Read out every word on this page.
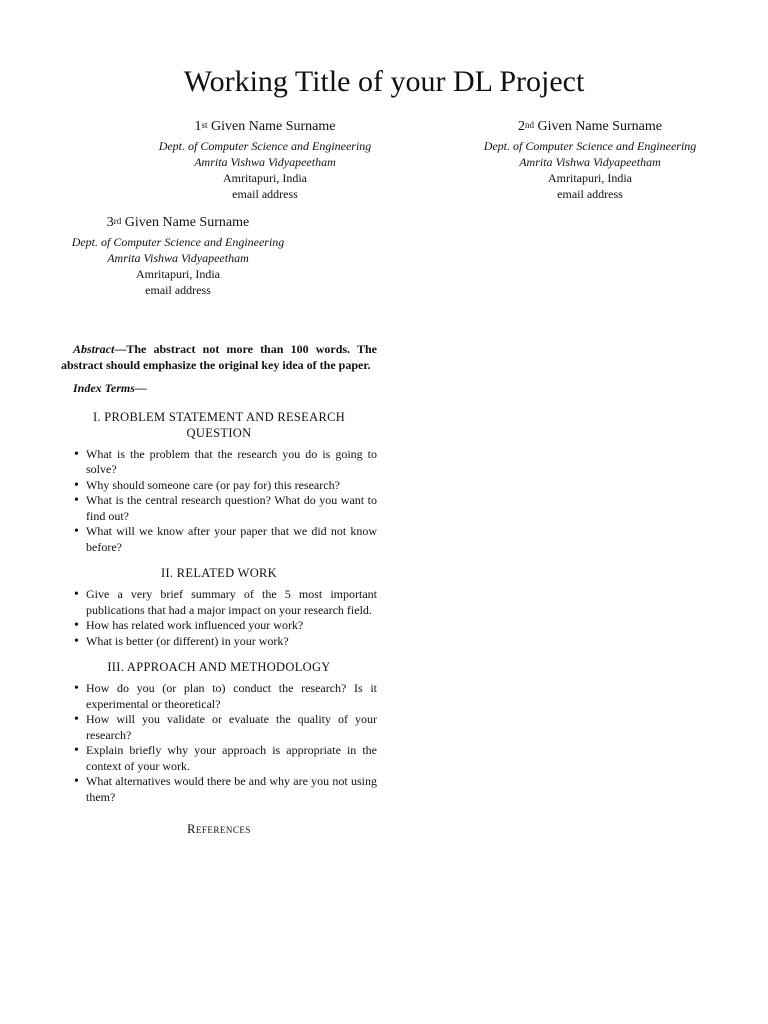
Working Title of your DL Project
1st Given Name Surname
Dept. of Computer Science and Engineering
Amrita Vishwa Vidyapeetham
Amritapuri, India
email address
2nd Given Name Surname
Dept. of Computer Science and Engineering
Amrita Vishwa Vidyapeetham
Amritapuri, India
email address
3rd Given Name Surname
Dept. of Computer Science and Engineering
Amrita Vishwa Vidyapeetham
Amritapuri, India
email address

Abstract—The abstract not more than 100 words. The abstract should emphasize the original key idea of the paper.

Index Terms—
I. PROBLEM STATEMENT AND RESEARCH QUESTION
• What is the problem that the research you do is going to solve?
• Why should someone care (or pay for) this research?
• What is the central research question? What do you want to find out?
• What will we know after your paper that we did not know before?
II. RELATED WORK
• Give a very brief summary of the 5 most important publications that had a major impact on your research field.
• How has related work influenced your work?
• What is better (or different) in your work?
III. APPROACH AND METHODOLOGY
• How do you (or plan to) conduct the research? Is it experimental or theoretical?
• How will you validate or evaluate the quality of your research?
• Explain briefly why your approach is appropriate in the context of your work.
• What alternatives would there be and why are you not using them?
References
